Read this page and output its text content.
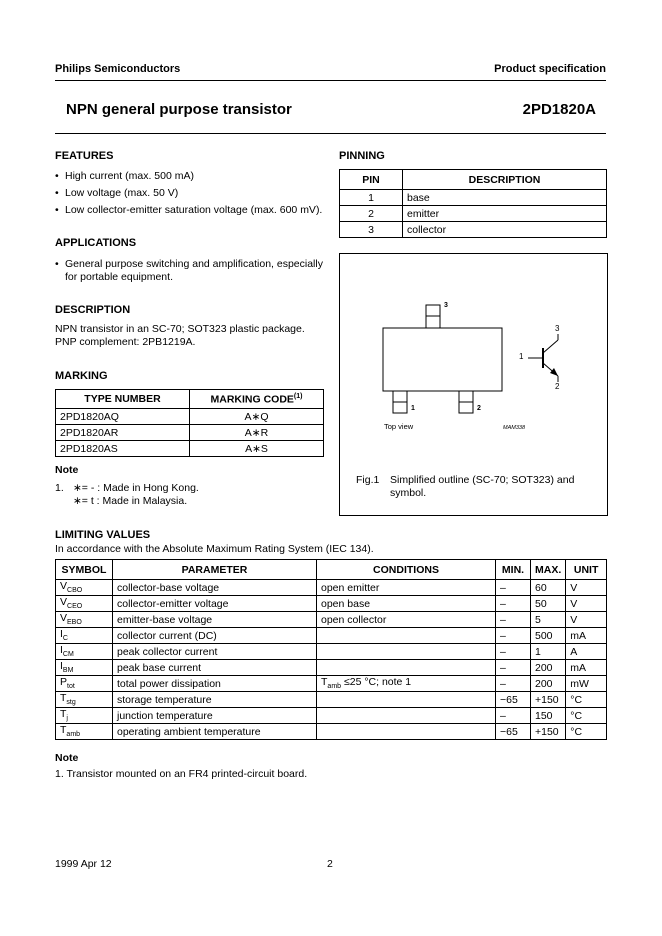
Philips Semiconductors	Product specification
NPN general purpose transistor	2PD1820A
FEATURES
• High current (max. 500 mA)
• Low voltage (max. 50 V)
• Low collector-emitter saturation voltage (max. 600 mV).
APPLICATIONS
• General purpose switching and amplification, especially for portable equipment.
DESCRIPTION
NPN transistor in an SC-70; SOT323 plastic package.
PNP complement: 2PB1219A.
MARKING
TYPE NUMBER	MARKING CODE$^{(1)}$
2PD1820AQ	A∗Q
2PD1820AR	A∗R
2PD1820AS	A∗S
Note
1. ∗= - : Made in Hong Kong.
∗= t : Made in Malaysia.
PINNING
PIN	DESCRIPTION
1	base
2	emitter
3	collector
3
1	2
Top view	MAM338
1
3
2
Fig.1 Simplified outline (SC-70; SOT323) and
symbol.
LIMITING VALUES
In accordance with the Absolute Maximum Rating System (IEC 134).
SYMBOL	PARAMETER	CONDITIONS	MIN.	MAX.	UNIT
$V_{CBO}$	collector-base voltage	open emitter	–	60	V
$V_{CEO}$	collector-emitter voltage	open base	–	50	V
$V_{EBO}$	emitter-base voltage	open collector	–	5	V
$I_C$	collector current (DC)		–	500	mA
$I_{CM}$	peak collector current		–	1	A
$I_{BM}$	peak base current		–	200	mA
$P_{tot}$	total power dissipation	$T_{amb} \le 25$ °C; note 1	–	200	mW
$T_{stg}$	storage temperature		−65	+150	°C
$T_j$	junction temperature		–	150	°C
$T_{amb}$	operating ambient temperature		−65	+150	°C
Note
1. Transistor mounted on an FR4 printed-circuit board.
1999 Apr 12	2
